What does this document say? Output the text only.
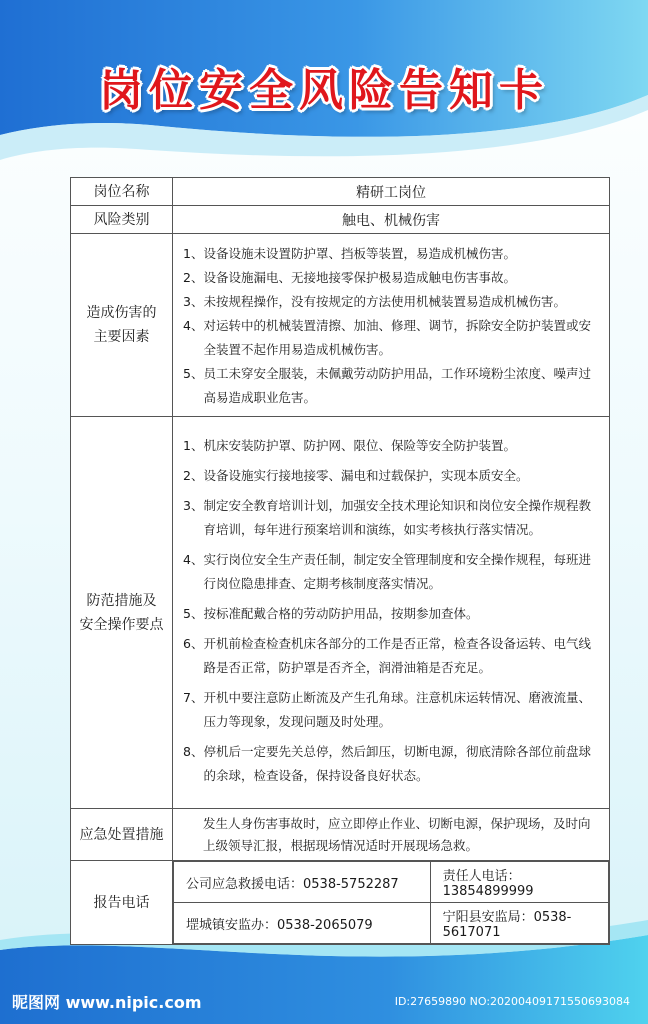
岗位安全风险告知卡
岗位名称	精研工岗位
风险类别	触电、机械伤害

造成伤害的
主要因素

1、 设备设施未设置防护罩、挡板等装置，易造成机械伤害。
2、 设备设施漏电、无接地接零保护极易造成触电伤害事故。
3、 未按规程操作，没有按规定的方法使用机械装置易造成机械伤害。
4、 对运转中的机械装置清擦、加油、修理、调节，拆除安全防护装置或安全装置不起作用易造成机械伤害。
5、 员工未穿安全服装，未佩戴劳动防护用品，工作环境粉尘浓度、噪声过高易造成职业危害。

防范措施及
安全操作要点

1、 机床安装防护罩、防护网、限位、保险等安全防护装置。
2、 设备设施实行接地接零、漏电和过载保护，实现本质安全。
3、 制定安全教育培训计划，加强安全技术理论知识和岗位安全操作规程教育培训，每年进行预案培训和演练，如实考核执行落实情况。
4、 实行岗位安全生产责任制，制定安全管理制度和安全操作规程，每班进行岗位隐患排查、定期考核制度落实情况。
5、 按标准配戴合格的劳动防护用品，按期参加查体。
6、 开机前检查检查机床各部分的工作是否正常，检查各设备运转、电气线路是否正常，防护罩是否齐全，润滑油箱是否充足。
7、 开机中要注意防止断流及产生孔角球。注意机床运转情况、磨液流量、压力等现象，发现问题及时处理。
8、 停机后一定要先关总停，然后卸压，切断电源，彻底清除各部位前盘球的余球，检查设备，保持设备良好状态。

应急处置措施	发生人身伤害事故时，应立即停止作业、切断电源，保护现场，及时向上级领导汇报，根据现场情况适时开展现场急救。
报告电话	
公司应急救援电话：0538-5752287	责任人电话：13854899999
堽城镇安监办：0538-2065079	宁阳县安监局：0538-5617071
昵图网 www.nipic.com	ID:27659890 NO:20200409171550693084
